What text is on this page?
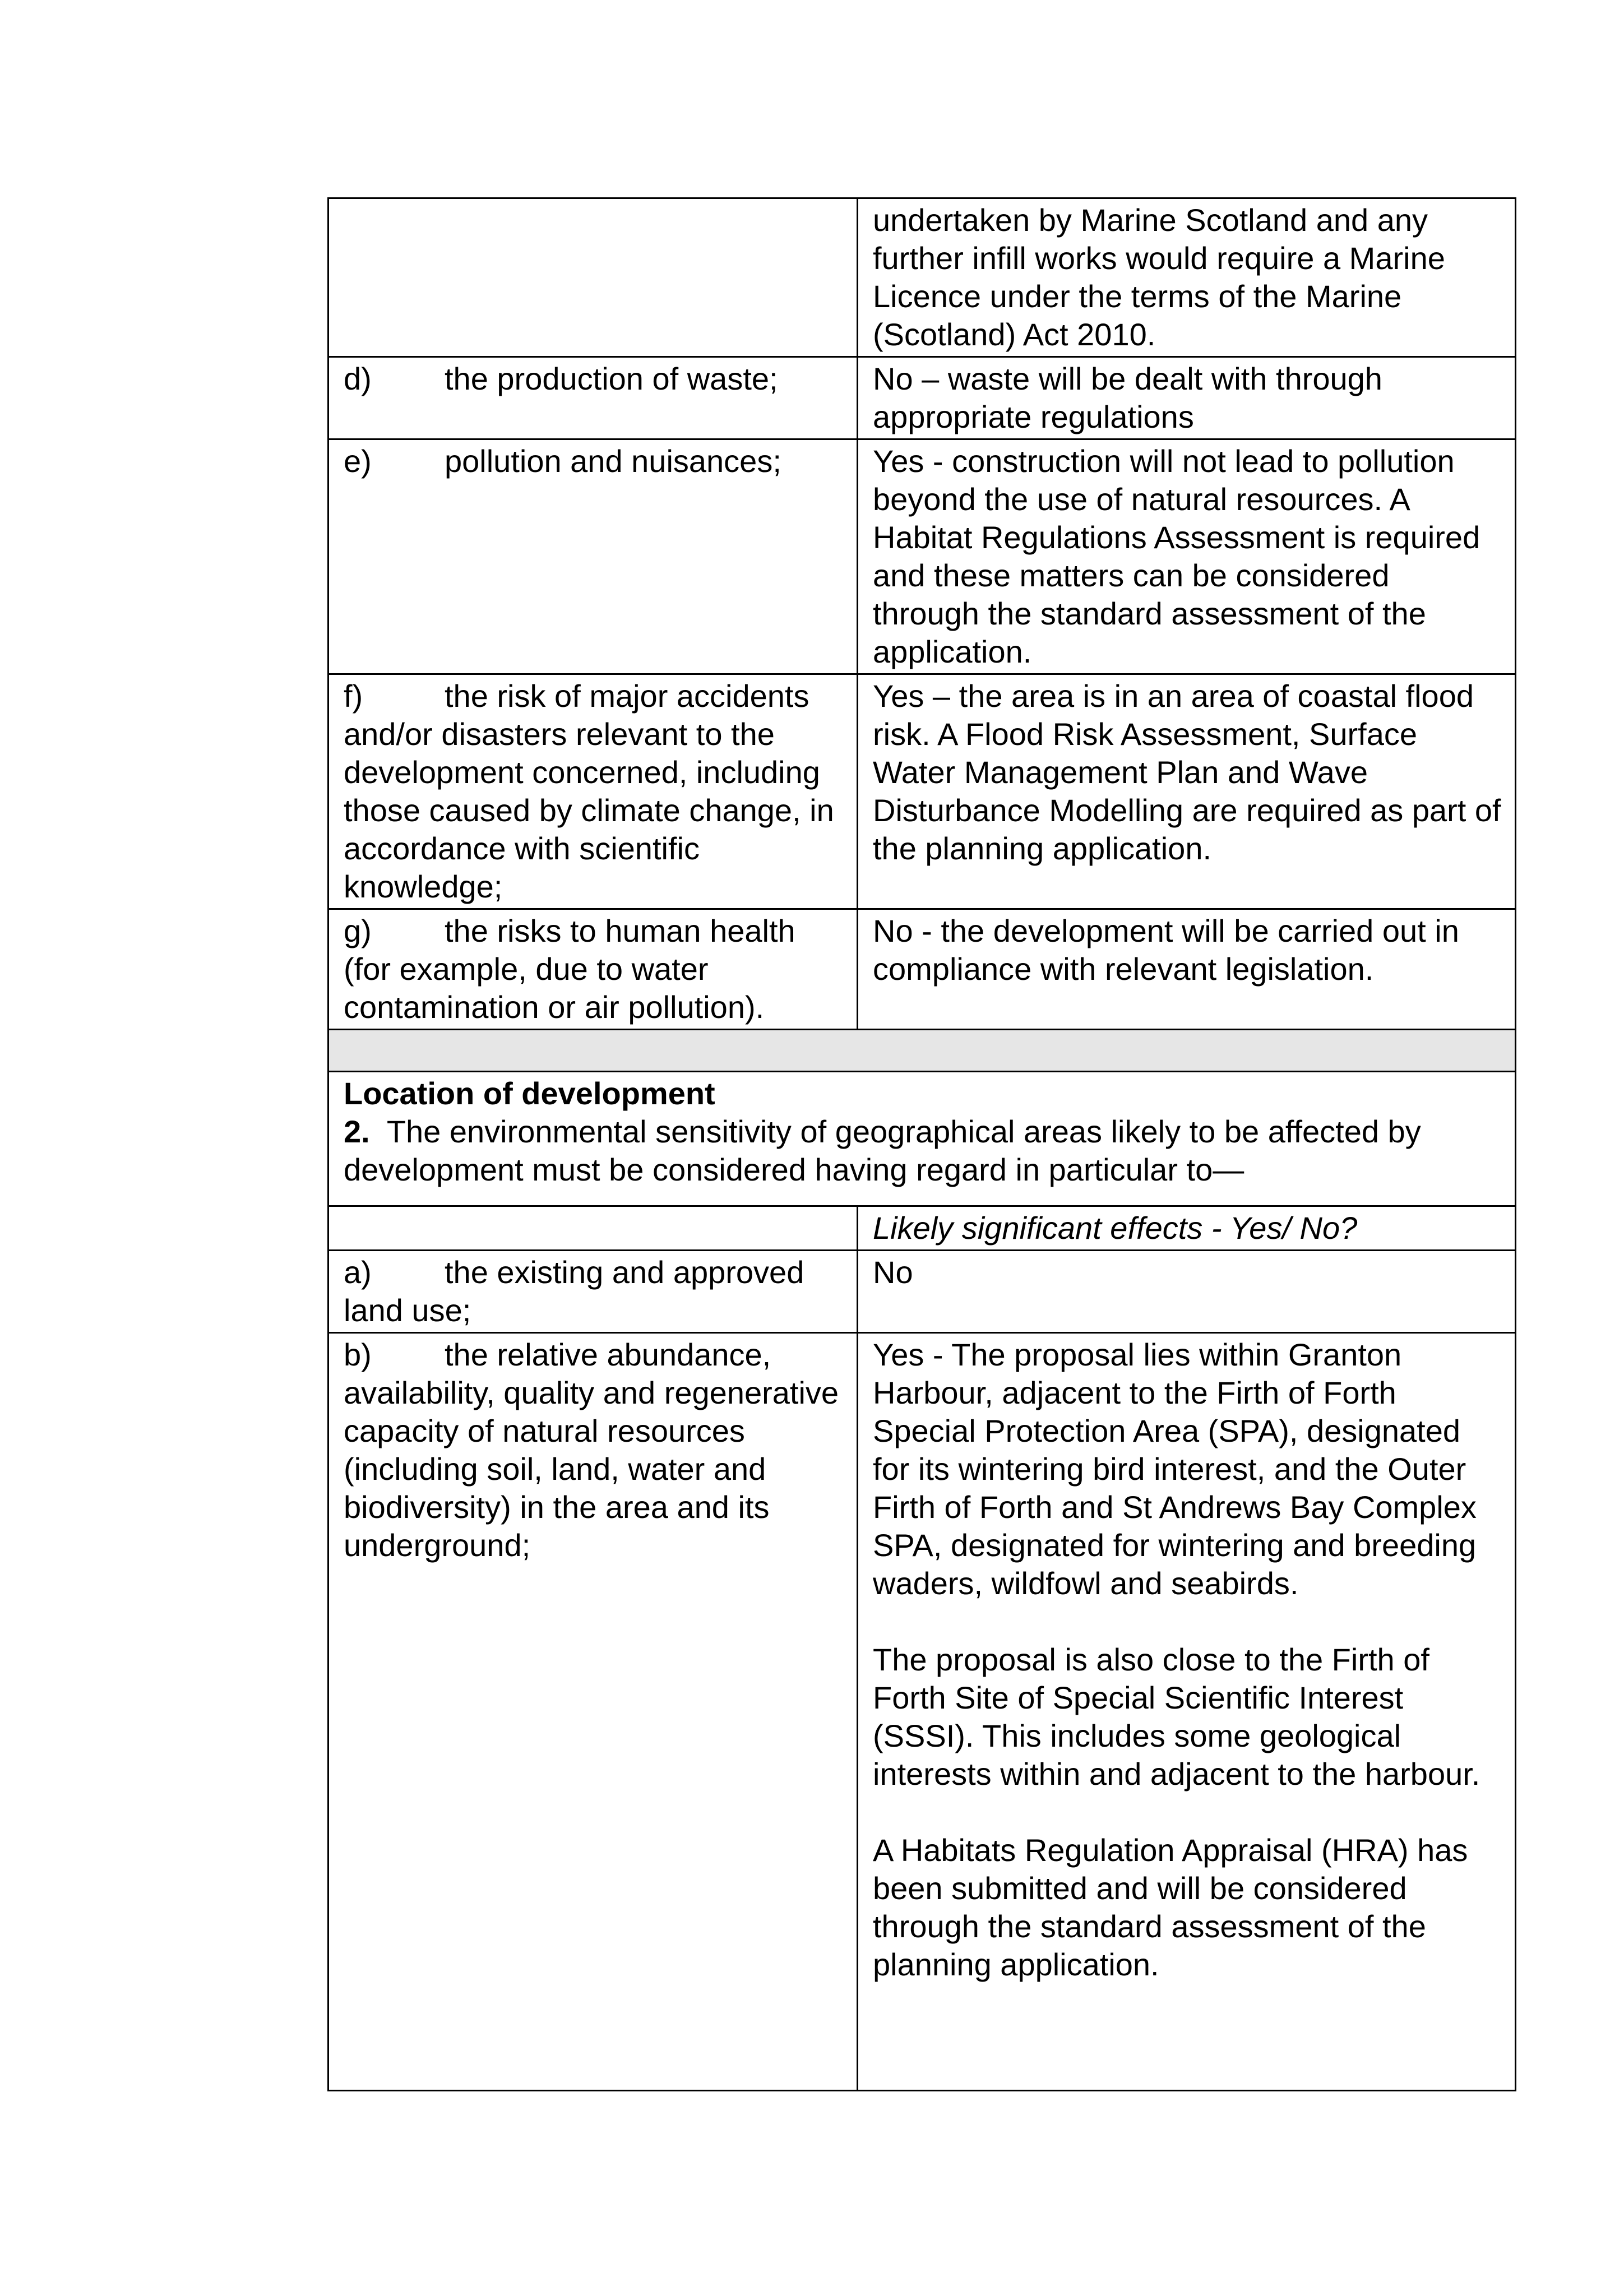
	undertaken by Marine Scotland and any further infill works would require a Marine Licence under the terms of the Marine (Scotland) Act 2010.
d) the production of waste;	No – waste will be dealt with through appropriate regulations
e) pollution and nuisances;	Yes - construction will not lead to pollution beyond the use of natural resources. A Habitat Regulations Assessment is required and these matters can be considered through the standard assessment of the application.
f) the risk of major accidents and/or disasters relevant to the development concerned, including those caused by climate change, in accordance with scientific knowledge;	Yes – the area is in an area of coastal flood risk. A Flood Risk Assessment, Surface Water Management Plan and Wave Disturbance Modelling are required as part of the planning application.
g) the risks to human health (for example, due to water contamination or air pollution).	No - the development will be carried out in compliance with relevant legislation.

Location of development
2. The environmental sensitivity of geographical areas likely to be affected by development must be considered having regard in particular to—	

	Likely significant effects - Yes/ No?
a) the existing and approved land use;	No
b) the relative abundance, availability, quality and regenerative capacity of natural resources (including soil, land, water and biodiversity) in the area and its underground;	Yes - The proposal lies within Granton Harbour, adjacent to the Firth of Forth Special Protection Area (SPA), designated for its wintering bird interest, and the Outer Firth of Forth and St Andrews Bay Complex SPA, designated for wintering and breeding waders, wildfowl and seabirds.
The proposal is also close to the Firth of Forth Site of Special Scientific Interest (SSSI). This includes some geological interests within and adjacent to the harbour.
A Habitats Regulation Appraisal (HRA) has been submitted and will be considered through the standard assessment of the planning application.
